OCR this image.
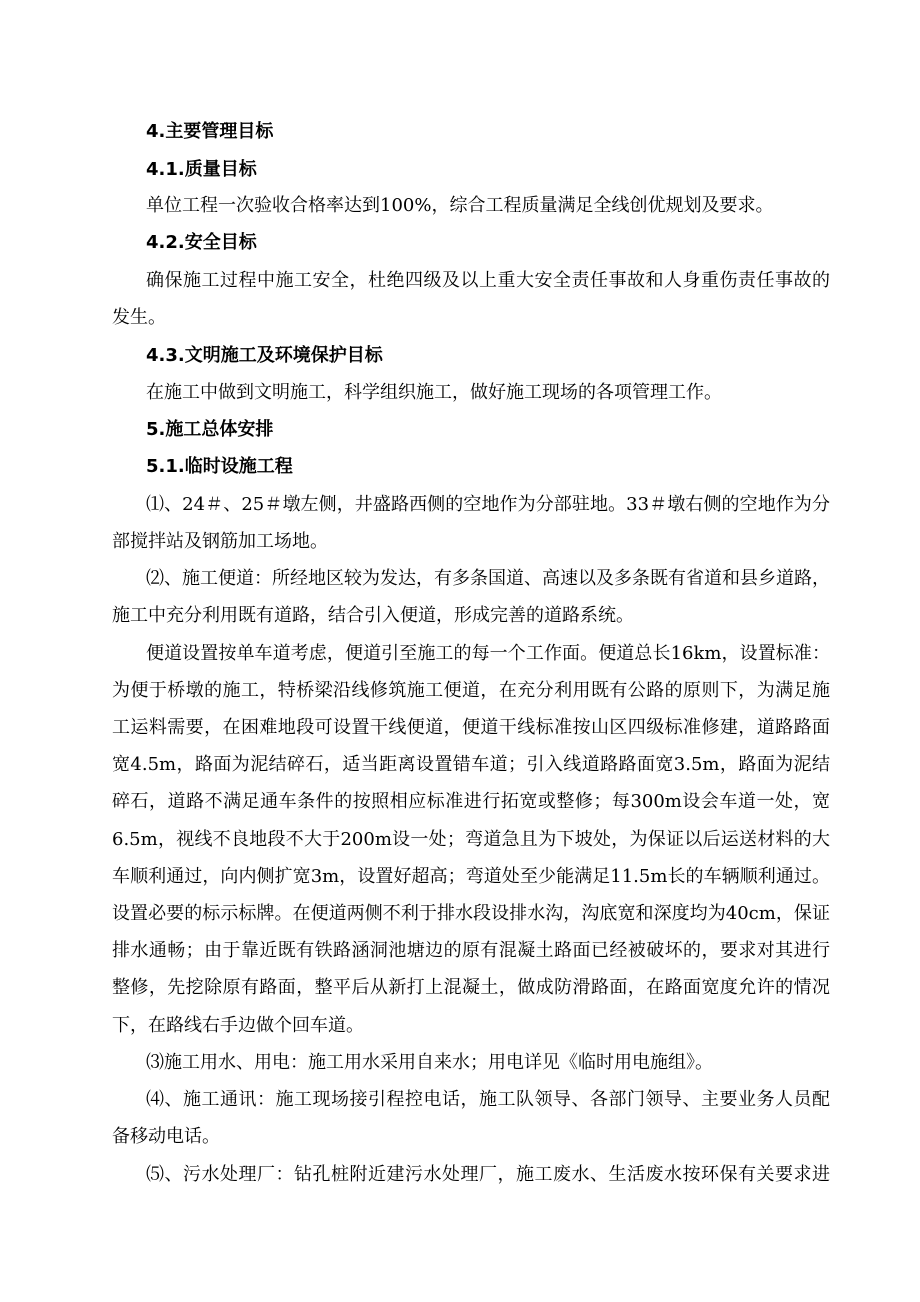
4.主要管理目标
4.1.质量目标
单位工程一次验收合格率达到100%，综合工程质量满足全线创优规划及要求。
4.2.安全目标
确保施工过程中施工安全，杜绝四级及以上重大安全责任事故和人身重伤责任事故的
发生。
4.3.文明施工及环境保护目标
在施工中做到文明施工，科学组织施工，做好施工现场的各项管理工作。
5.施工总体安排
5.1.临时设施工程
⑴、24＃、25＃墩左侧，井盛路西侧的空地作为分部驻地。33＃墩右侧的空地作为分
部搅拌站及钢筋加工场地。
⑵、施工便道：所经地区较为发达，有多条国道、高速以及多条既有省道和县乡道路，
施工中充分利用既有道路，结合引入便道，形成完善的道路系统。
便道设置按单车道考虑，便道引至施工的每一个工作面。便道总长16km，设置标准：
为便于桥墩的施工，特桥梁沿线修筑施工便道，在充分利用既有公路的原则下，为满足施
工运料需要，在困难地段可设置干线便道，便道干线标准按山区四级标准修建，道路路面
宽4.5m，路面为泥结碎石，适当距离设置错车道；引入线道路路面宽3.5m，路面为泥结
碎石，道路不满足通车条件的按照相应标准进行拓宽或整修；每300m设会车道一处，宽
6.5m，视线不良地段不大于200m设一处；弯道急且为下坡处，为保证以后运送材料的大
车顺利通过，向内侧扩宽3m，设置好超高；弯道处至少能满足11.5m长的车辆顺利通过。
设置必要的标示标牌。在便道两侧不利于排水段设排水沟，沟底宽和深度均为40cm，保证
排水通畅；由于靠近既有铁路涵洞池塘边的原有混凝土路面已经被破坏的，要求对其进行
整修，先挖除原有路面，整平后从新打上混凝土，做成防滑路面，在路面宽度允许的情况
下，在路线右手边做个回车道。
⑶施工用水、用电：施工用水采用自来水；用电详见《临时用电施组》。
⑷、施工通讯：施工现场接引程控电话，施工队领导、各部门领导、主要业务人员配
备移动电话。
⑸、污水处理厂：钻孔桩附近建污水处理厂，施工废水、生活废水按环保有关要求进
